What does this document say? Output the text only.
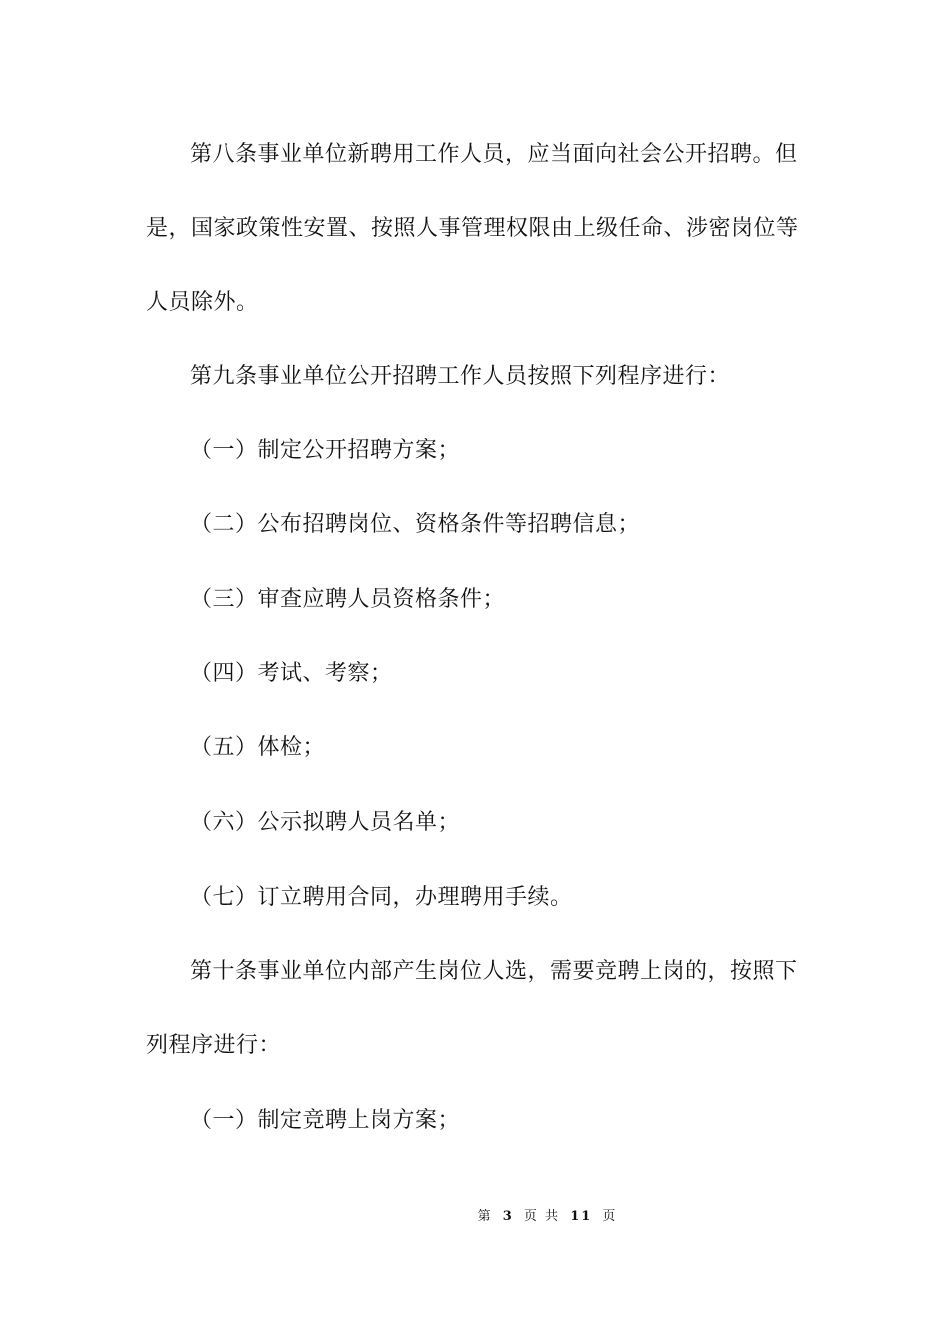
第八条事业单位新聘用工作人员，应当面向社会公开招聘。但
是，国家政策性安置、按照人事管理权限由上级任命、涉密岗位等
人员除外。
第九条事业单位公开招聘工作人员按照下列程序进行：
（一）制定公开招聘方案；
（二）公布招聘岗位、资格条件等招聘信息；
（三）审查应聘人员资格条件；
（四）考试、考察；
（五）体检；
（六）公示拟聘人员名单；
（七）订立聘用合同，办理聘用手续。
第十条事业单位内部产生岗位人选，需要竞聘上岗的，按照下
列程序进行：
（一）制定竞聘上岗方案；
第 3 页 共 11 页
